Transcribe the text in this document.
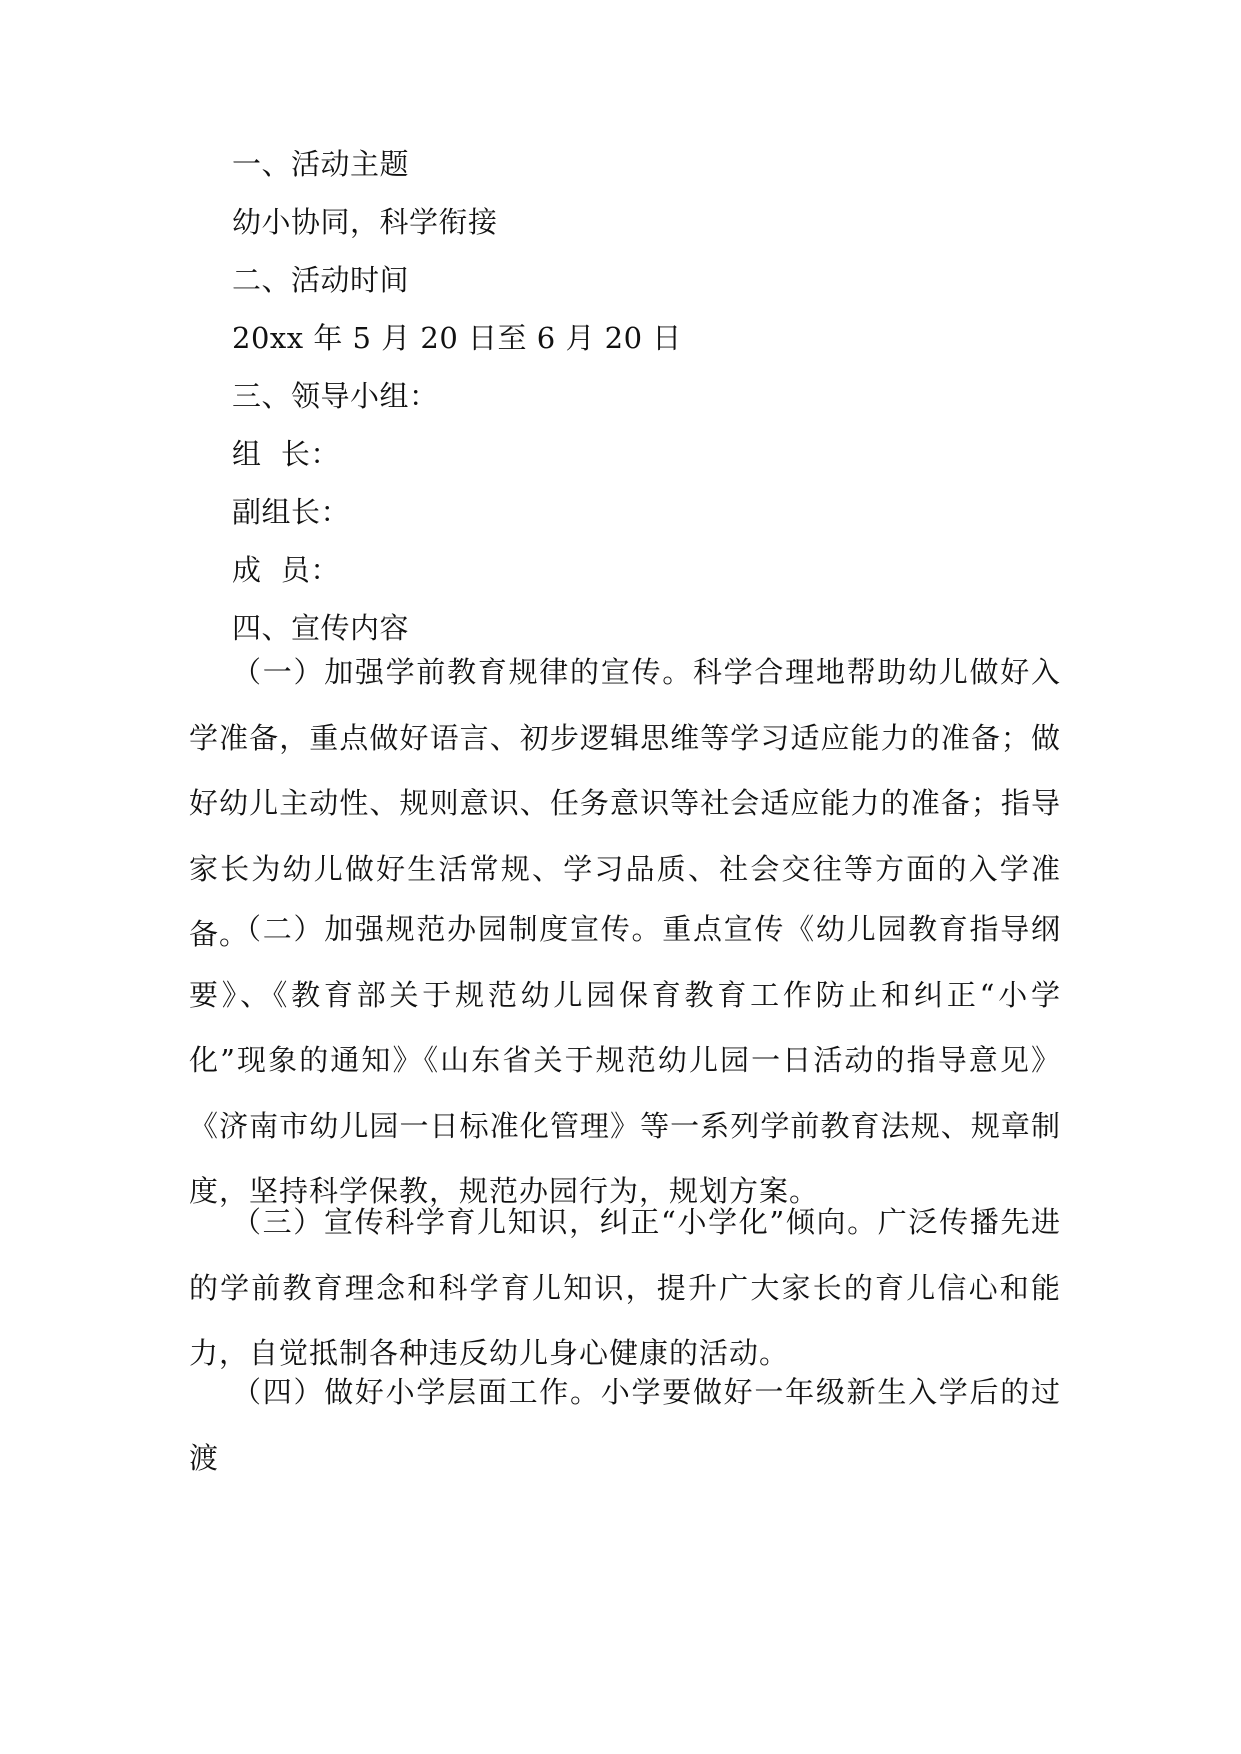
一、活动主题
幼小协同，科学衔接
二、活动时间
20xx 年 5 月 20 日至 6 月 20 日
三、领导小组：
组  长：
副组长：
成  员：
四、宣传内容

（一）加强学前教育规律的宣传。科学合理地帮助幼儿做好入学准备，重点做好语言、初步逻辑思维等学习适应能力的准备；做好幼儿主动性、规则意识、任务意识等社会适应能力的准备；指导家长为幼儿做好生活常规、学习品质、社会交往等方面的入学准备。

（二）加强规范办园制度宣传。重点宣传《幼儿园教育指导纲要》、《教育部关于规范幼儿园保育教育工作防止和纠正“小学化”现象的通知》《山东省关于规范幼儿园一日活动的指导意见》《济南市幼儿园一日标准化管理》等一系列学前教育法规、规章制度，坚持科学保教，规范办园行为，规划方案。

（三）宣传科学育儿知识，纠正“小学化”倾向。广泛传播先进的学前教育理念和科学育儿知识，提升广大家长的育儿信心和能力，自觉抵制各种违反幼儿身心健康的活动。

（四）做好小学层面工作。小学要做好一年级新生入学后的过渡
